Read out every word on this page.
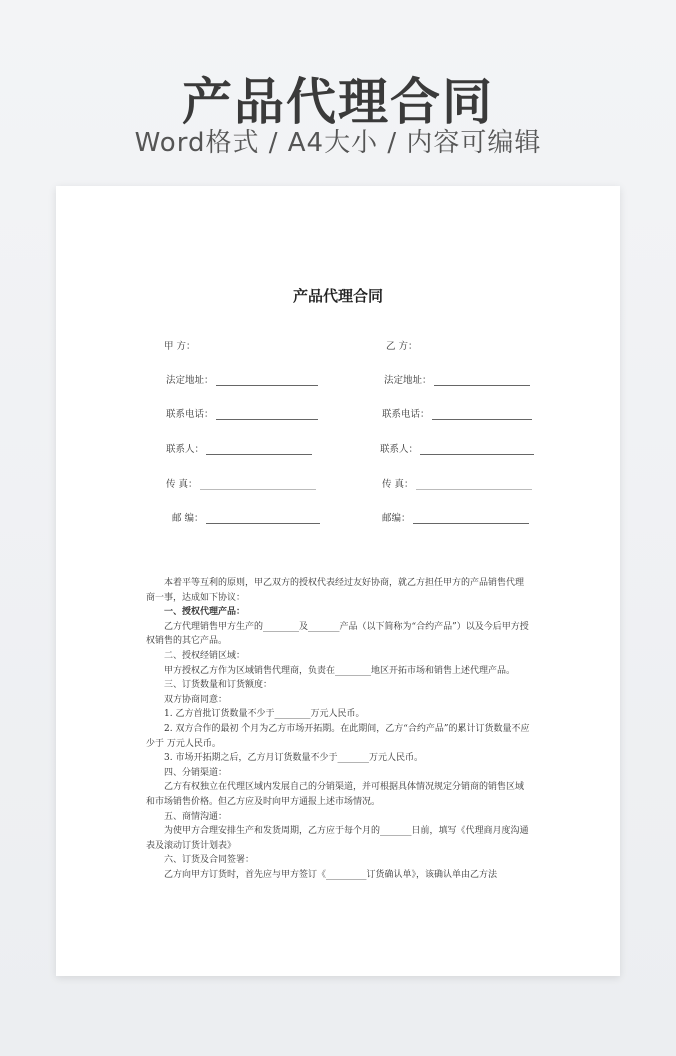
产品代理合同
Word格式 / A4大小 / 内容可编辑
产品代理合同
甲 方：
法定地址：
联系电话：
联系人：
传 真：
邮 编：
乙 方：
法定地址：
联系电话：
联系人：
传 真：
邮编：

本着平等互利的原则，甲乙双方的授权代表经过友好协商，就乙方担任甲方的产品销售代理商一事，达成如下协议：

一、授权代理产品：

乙方代理销售甲方生产的________及_______产品（以下简称为“合约产品”）以及今后甲方授权销售的其它产品。

二、授权经销区域：

甲方授权乙方作为区域销售代理商，负责在________地区开拓市场和销售上述代理产品。

三、订货数量和订货额度：

双方协商同意：

1. 乙方首批订货数量不少于________万元人民币。

2. 双方合作的最初 个月为乙方市场开拓期。在此期间，乙方“合约产品”的累计订货数量不应少于 万元人民币。

3. 市场开拓期之后，乙方月订货数量不少于_______万元人民币。

四、分销渠道：

乙方有权独立在代理区域内发展自己的分销渠道，并可根据具体情况规定分销商的销售区域和市场销售价格。但乙方应及时向甲方通报上述市场情况。

五、商情沟通：

为使甲方合理安排生产和发货周期，乙方应于每个月的_______日前，填写《代理商月度沟通表及滚动订货计划表》

六、订货及合同签署：

乙方向甲方订货时，首先应与甲方签订《_________订货确认单》，该确认单由乙方法
